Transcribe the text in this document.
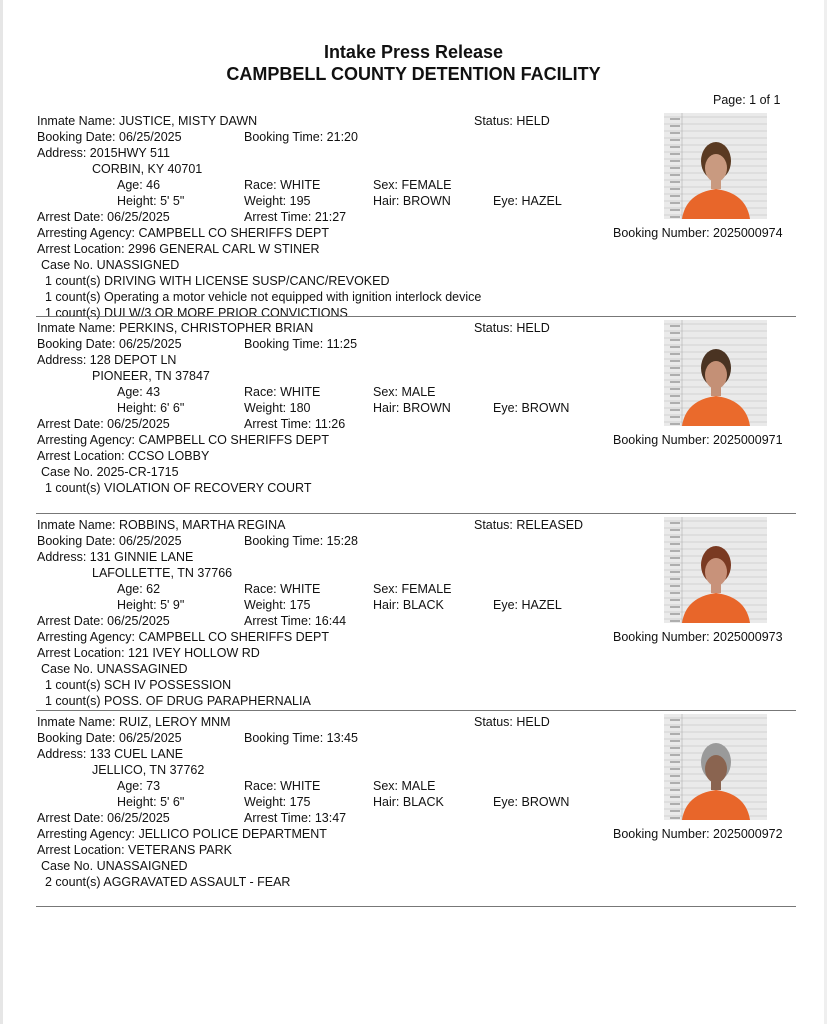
Intake Press Release
CAMPBELL COUNTY DETENTION FACILITY
Page: 1 of 1
Inmate Name: JUSTICE, MISTY DAWN	Status: HELD
Booking Date: 06/25/2025	Booking Time: 21:20
Address: 2015HWY 511
CORBIN, KY 40701
Age: 46	Race: WHITE	Sex: FEMALE
Height: 5' 5"	Weight: 195	Hair: BROWN	Eye: HAZEL
Arrest Date: 06/25/2025	Arrest Time: 21:27
Arresting Agency: CAMPBELL CO SHERIFFS DEPT	Booking Number: 2025000974
Arrest Location: 2996 GENERAL CARL W STINER
Case No. UNASSIGNED
1 count(s) DRIVING WITH LICENSE SUSP/CANC/REVOKED
1 count(s) Operating a motor vehicle not equipped with ignition interlock device
1 count(s) DUI W/3 OR MORE PRIOR CONVICTIONS
Inmate Name: PERKINS, CHRISTOPHER BRIAN	Status: HELD
Booking Date: 06/25/2025	Booking Time: 11:25
Address: 128 DEPOT LN
PIONEER, TN 37847
Age: 43	Race: WHITE	Sex: MALE
Height: 6' 6"	Weight: 180	Hair: BROWN	Eye: BROWN
Arrest Date: 06/25/2025	Arrest Time: 11:26
Arresting Agency: CAMPBELL CO SHERIFFS DEPT	Booking Number: 2025000971
Arrest Location: CCSO LOBBY
Case No. 2025-CR-1715
1 count(s) VIOLATION OF RECOVERY COURT
Inmate Name: ROBBINS, MARTHA REGINA	Status: RELEASED
Booking Date: 06/25/2025	Booking Time: 15:28
Address: 131 GINNIE LANE
LAFOLLETTE, TN 37766
Age: 62	Race: WHITE	Sex: FEMALE
Height: 5' 9"	Weight: 175	Hair: BLACK	Eye: HAZEL
Arrest Date: 06/25/2025	Arrest Time: 16:44
Arresting Agency: CAMPBELL CO SHERIFFS DEPT	Booking Number: 2025000973
Arrest Location: 121 IVEY HOLLOW RD
Case No. UNASSAGINED
1 count(s) SCH IV POSSESSION
1 count(s) POSS. OF DRUG PARAPHERNALIA
Inmate Name: RUIZ, LEROY MNM	Status: HELD
Booking Date: 06/25/2025	Booking Time: 13:45
Address: 133 CUEL LANE
JELLICO, TN 37762
Age: 73	Race: WHITE	Sex: MALE
Height: 5' 6"	Weight: 175	Hair: BLACK	Eye: BROWN
Arrest Date: 06/25/2025	Arrest Time: 13:47
Arresting Agency: JELLICO POLICE DEPARTMENT	Booking Number: 2025000972
Arrest Location: VETERANS PARK
Case No. UNASSAIGNED
2 count(s) AGGRAVATED ASSAULT - FEAR
